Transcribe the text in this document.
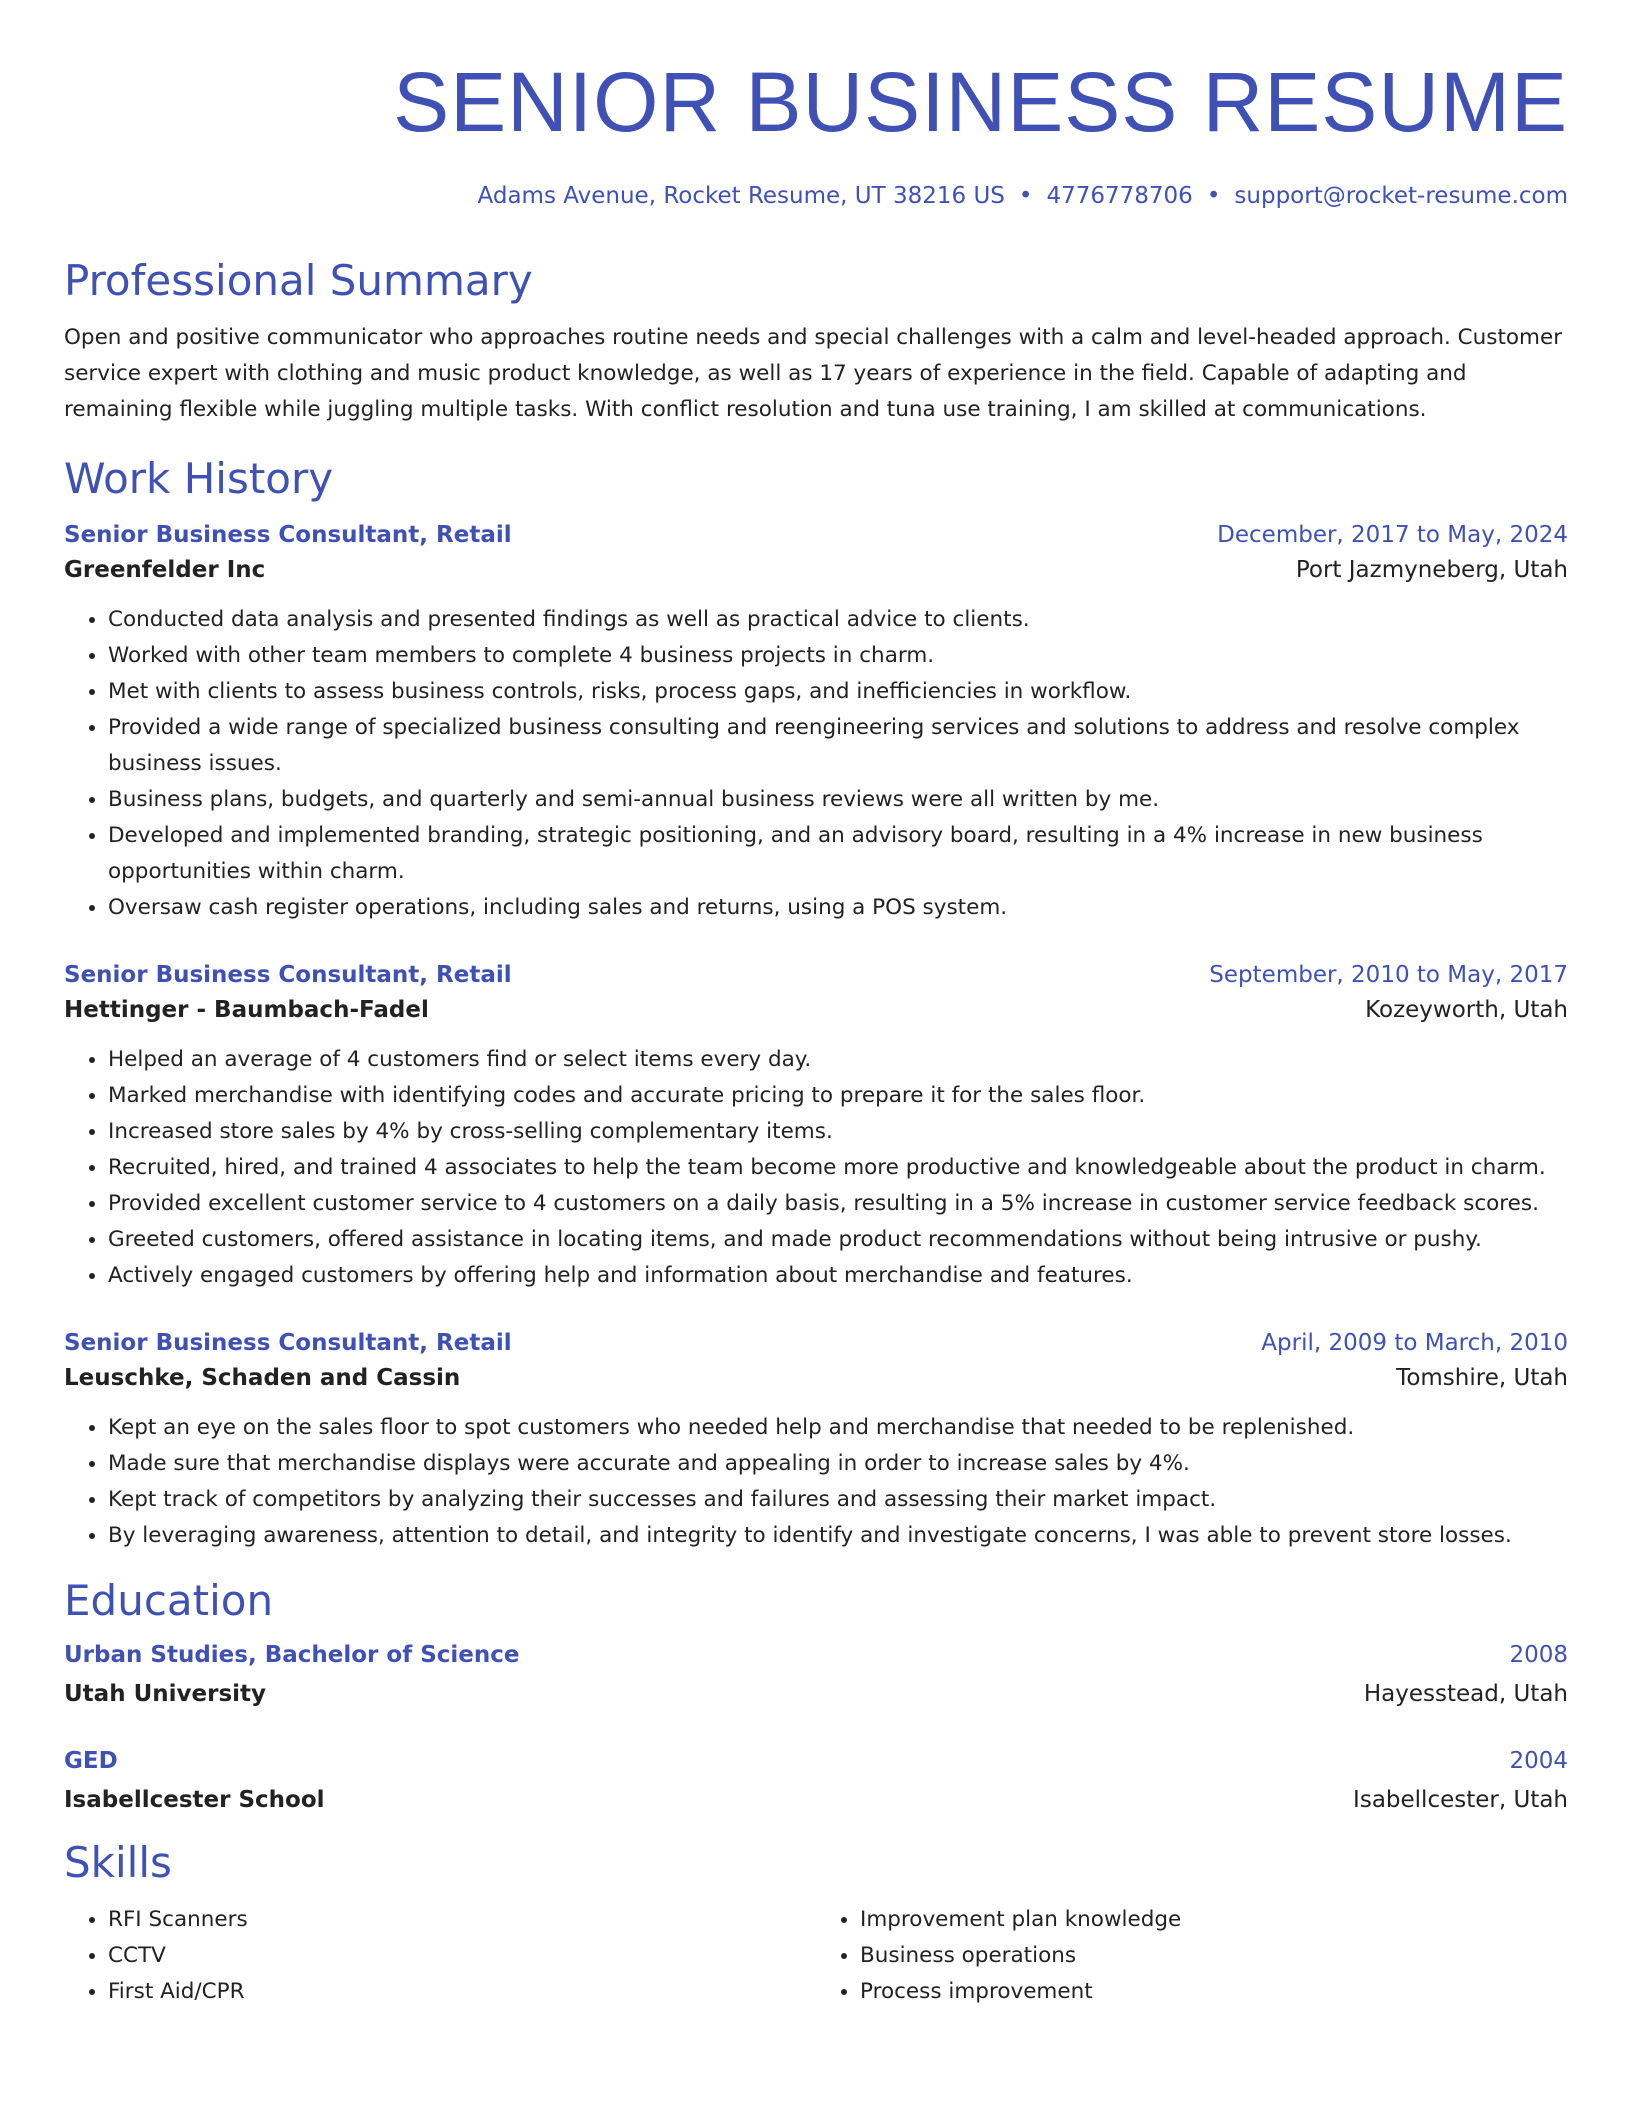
SENIOR BUSINESS RESUME
Adams Avenue, Rocket Resume, UT 38216 US • 4776778706 • support@rocket-resume.com
Professional Summary

Open and positive communicator who approaches routine needs and special challenges with a calm and level-headed approach. Customer service expert with clothing and music product knowledge, as well as 17 years of experience in the field. Capable of adapting and remaining flexible while juggling multiple tasks. With conflict resolution and tuna use training, I am skilled at communications.

Work History
Senior Business Consultant, Retail	December, 2017 to May, 2024
Greenfelder Inc	Port Jazmyneberg, Utah
• Conducted data analysis and presented findings as well as practical advice to clients.
• Worked with other team members to complete 4 business projects in charm.
• Met with clients to assess business controls, risks, process gaps, and inefficiencies in workflow.
• Provided a wide range of specialized business consulting and reengineering services and solutions to address and resolve complex business issues.
• Business plans, budgets, and quarterly and semi-annual business reviews were all written by me.
• Developed and implemented branding, strategic positioning, and an advisory board, resulting in a 4% increase in new business opportunities within charm.
• Oversaw cash register operations, including sales and returns, using a POS system.
Senior Business Consultant, Retail	September, 2010 to May, 2017
Hettinger - Baumbach-Fadel	Kozeyworth, Utah
• Helped an average of 4 customers find or select items every day.
• Marked merchandise with identifying codes and accurate pricing to prepare it for the sales floor.
• Increased store sales by 4% by cross-selling complementary items.
• Recruited, hired, and trained 4 associates to help the team become more productive and knowledgeable about the product in charm.
• Provided excellent customer service to 4 customers on a daily basis, resulting in a 5% increase in customer service feedback scores.
• Greeted customers, offered assistance in locating items, and made product recommendations without being intrusive or pushy.
• Actively engaged customers by offering help and information about merchandise and features.
Senior Business Consultant, Retail	April, 2009 to March, 2010
Leuschke, Schaden and Cassin	Tomshire, Utah
• Kept an eye on the sales floor to spot customers who needed help and merchandise that needed to be replenished.
• Made sure that merchandise displays were accurate and appealing in order to increase sales by 4%.
• Kept track of competitors by analyzing their successes and failures and assessing their market impact.
• By leveraging awareness, attention to detail, and integrity to identify and investigate concerns, I was able to prevent store losses.
Education
Urban Studies, Bachelor of Science	2008
Utah University	Hayesstead, Utah
GED	2004
Isabellcester School	Isabellcester, Utah
Skills
• RFI Scanners
• CCTV
• First Aid/CPR
• Improvement plan knowledge
• Business operations
• Process improvement
